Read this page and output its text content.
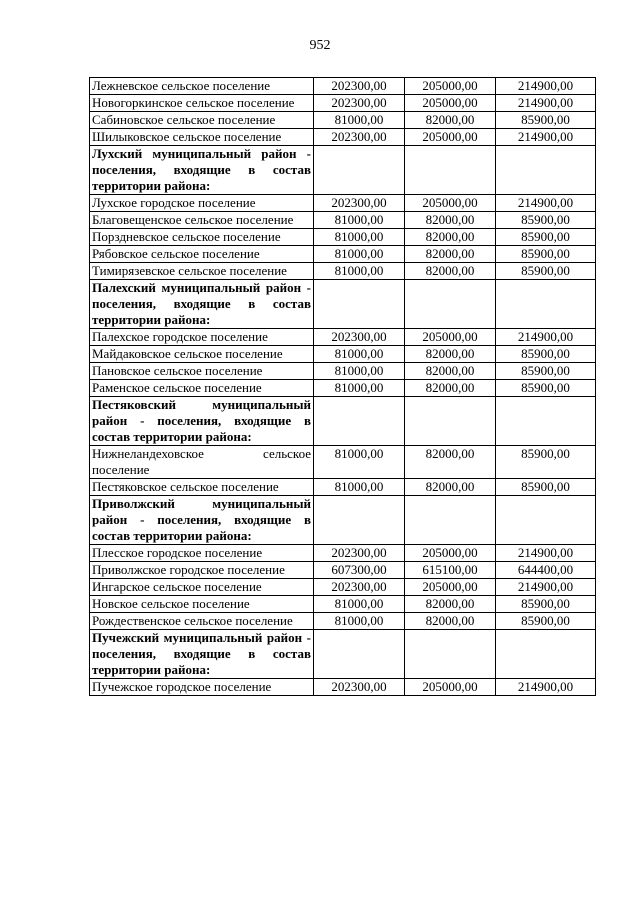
952
Лежневское сельское поселение	202300,00	205000,00	214900,00
Новогоркинское сельское поселение	202300,00	205000,00	214900,00
Сабиновское сельское поселение	81000,00	82000,00	85900,00
Шилыковское сельское поселение	202300,00	205000,00	214900,00
Лухский муниципальный район - поселения, входящие в состав территории района:			
Лухское городское поселение	202300,00	205000,00	214900,00
Благовещенское сельское поселение	81000,00	82000,00	85900,00
Порздневское сельское поселение	81000,00	82000,00	85900,00
Рябовское сельское поселение	81000,00	82000,00	85900,00
Тимирязевское сельское поселение	81000,00	82000,00	85900,00
Палехский муниципальный район - поселения, входящие в состав территории района:			
Палехское городское поселение	202300,00	205000,00	214900,00
Майдаковское сельское поселение	81000,00	82000,00	85900,00
Пановское сельское поселение	81000,00	82000,00	85900,00
Раменское сельское поселение	81000,00	82000,00	85900,00
Пестяковский муниципальный район - поселения, входящие в состав территории района:			
Нижнеландеховское сельское поселение	81000,00	82000,00	85900,00
Пестяковское сельское поселение	81000,00	82000,00	85900,00
Приволжский муниципальный район - поселения, входящие в состав территории района:			
Плесское городское поселение	202300,00	205000,00	214900,00
Приволжское городское поселение	607300,00	615100,00	644400,00
Ингарское сельское поселение	202300,00	205000,00	214900,00
Новское сельское поселение	81000,00	82000,00	85900,00
Рождественское сельское поселение	81000,00	82000,00	85900,00
Пучежский муниципальный район - поселения, входящие в состав территории района:			
Пучежское городское поселение	202300,00	205000,00	214900,00
